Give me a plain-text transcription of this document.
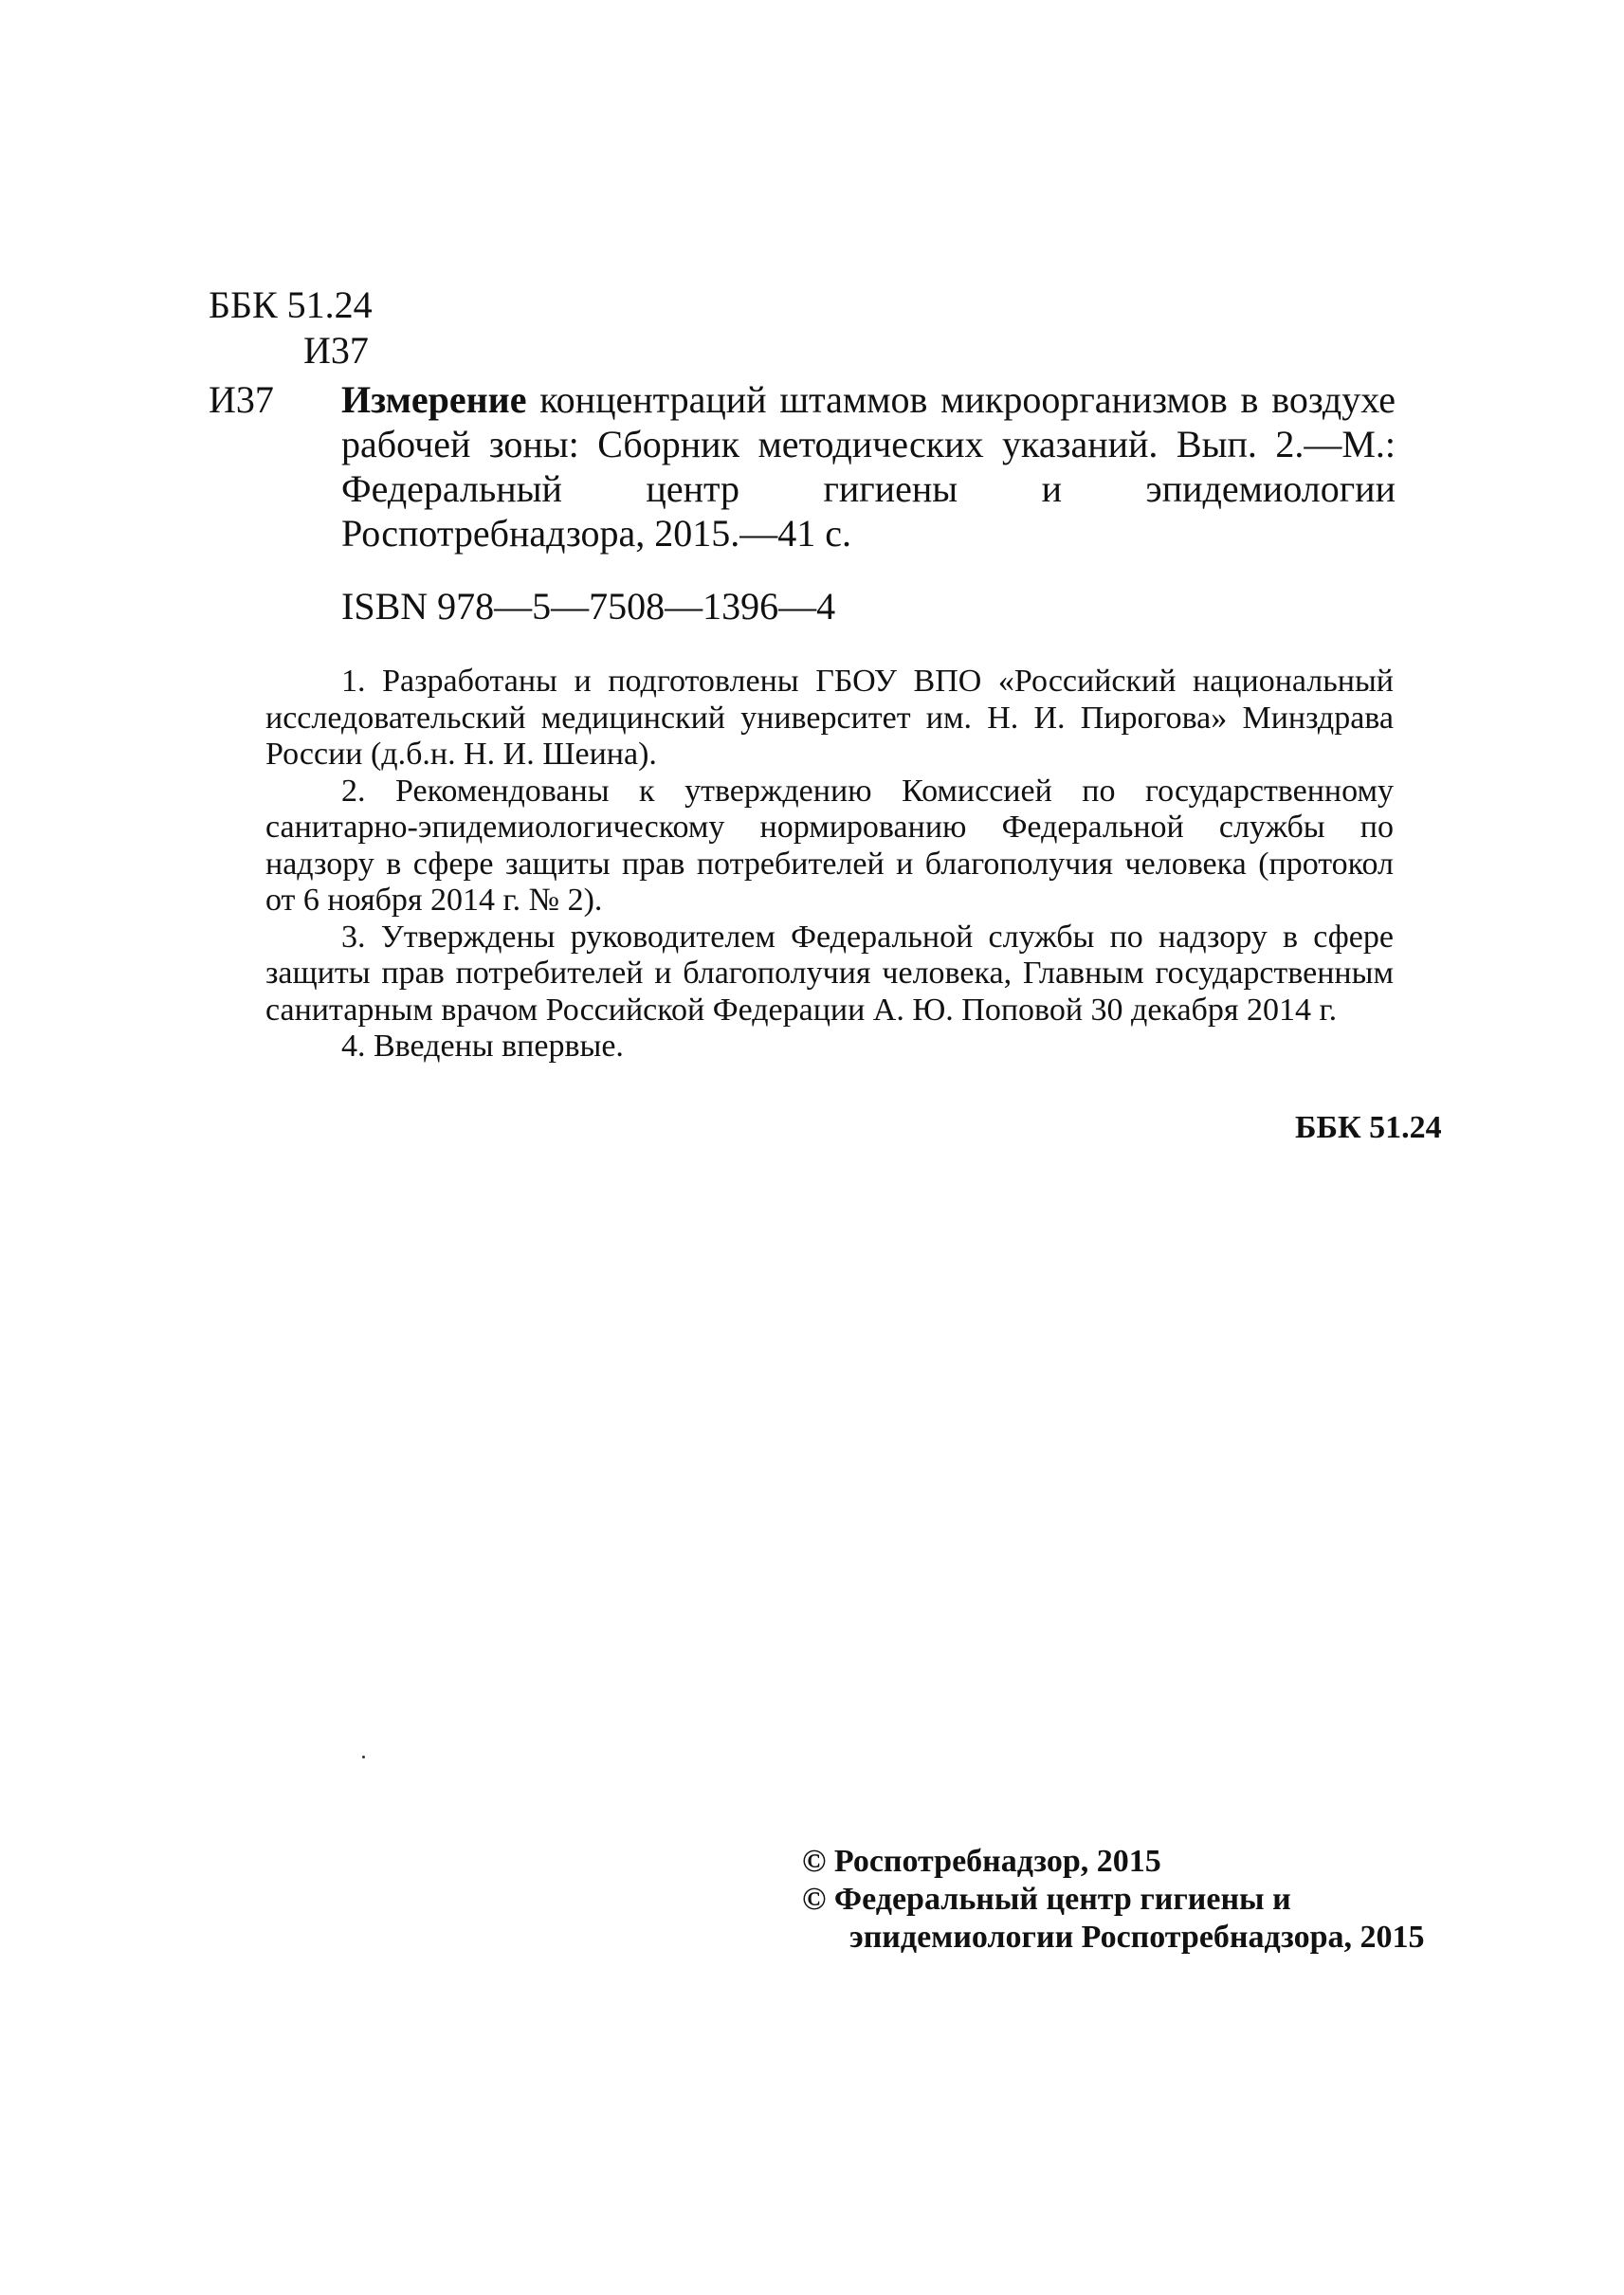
ББК 51.24
И37
И37	Измерение концентраций штаммов микроорганизмов в воздухе рабочей зоны: Сборник методических указаний. Вып. 2.—М.: Федеральный центр гигиены и эпидемиологии Роспотребнадзора, 2015.—41 с.
ISBN 978—5—7508—1396—4

1. Разработаны и подготовлены ГБОУ ВПО «Российский национальный исследовательский медицинский университет им. Н. И. Пирогова» Минздрава России (д.б.н. Н. И. Шеина).

2. Рекомендованы к утверждению Комиссией по государственному санитарно-эпидемиологическому нормированию Федеральной службы по надзору в сфере защиты прав потребителей и благополучия человека (протокол от 6 ноября 2014 г. № 2).

3. Утверждены руководителем Федеральной службы по надзору в сфере защиты прав потребителей и благополучия человека, Главным государственным санитарным врачом Российской Федерации А. Ю. Поповой 30 декабря 2014 г.

4. Введены впервые.

ББК 51.24
© Роспотребнадзор, 2015
© Федеральный центр гигиены и
эпидемиологии Роспотребнадзора, 2015
